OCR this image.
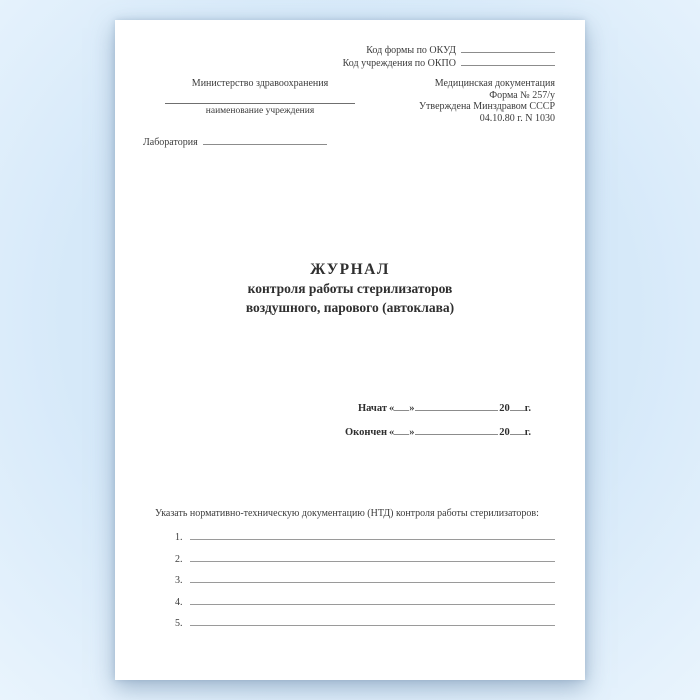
Код формы по ОКУД
Код учреждения по ОКПО
Министерство здравоохранения
наименование учреждения
Медицинская документация
Форма № 257/у
Утверждена Минздравом СССР
04.10.80 г. N 1030
Лаборатория
ЖУРНАЛ
контроля работы стерилизаторов
воздушного, парового (автоклава)
Начат « »	20 г.
Окончен « »	20 г.
Указать нормативно-техническую документацию (НТД) контроля работы стерилизаторов:
1.
2.
3.
4.
5.
